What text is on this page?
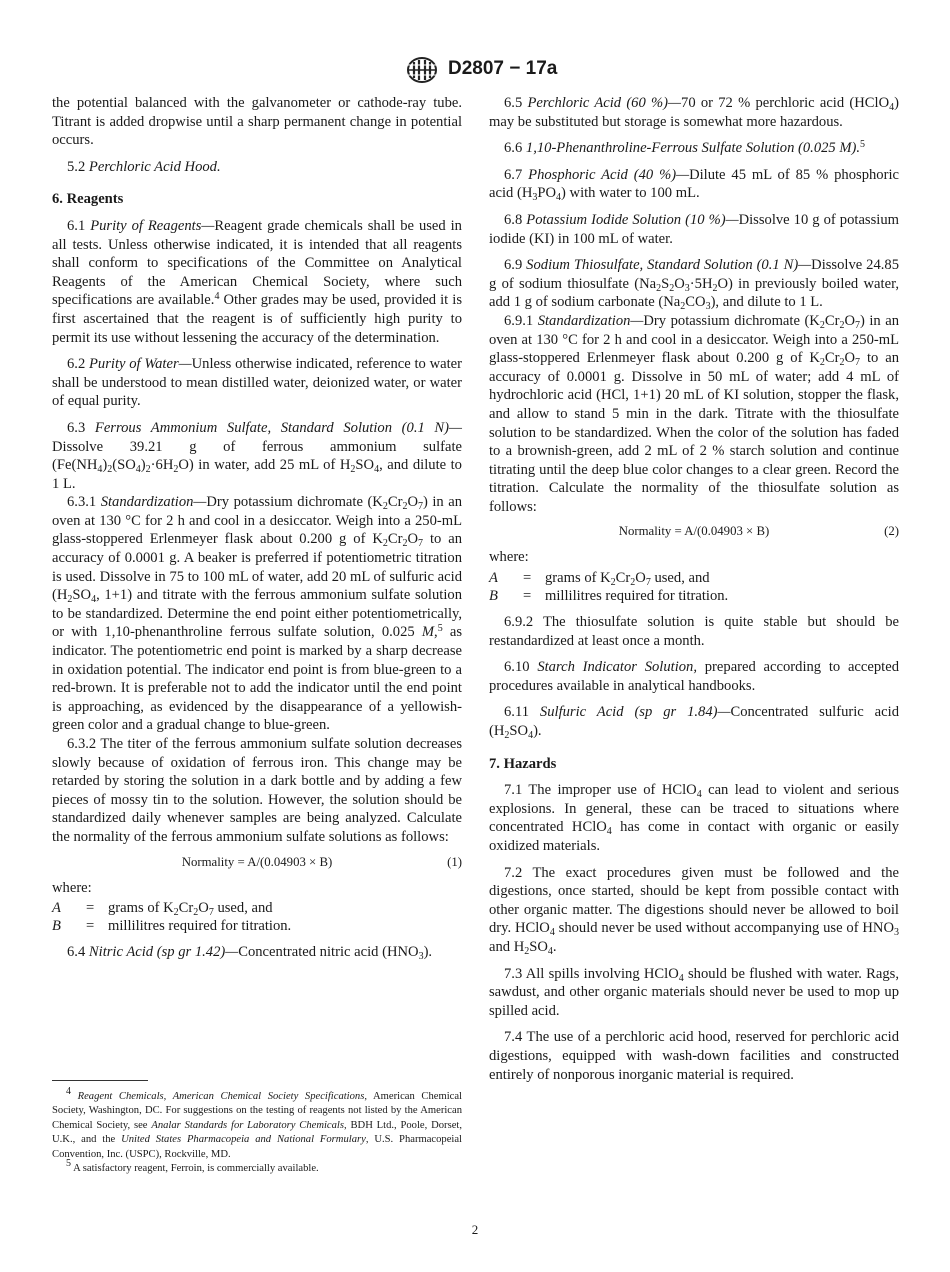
D2807 − 17a

the potential balanced with the galvanometer or cathode-ray tube. Titrant is added dropwise until a sharp permanent change in potential occurs.

5.2 Perchloric Acid Hood.

6. Reagents

6.1 Purity of Reagents—Reagent grade chemicals shall be used in all tests. Unless otherwise indicated, it is intended that all reagents shall conform to specifications of the Committee on Analytical Reagents of the American Chemical Society, where such specifications are available.$^4$ Other grades may be used, provided it is first ascertained that the reagent is of sufficiently high purity to permit its use without lessening the accuracy of the determination.

6.2 Purity of Water—Unless otherwise indicated, reference to water shall be understood to mean distilled water, deionized water, or water of equal purity.

6.3 Ferrous Ammonium Sulfate, Standard Solution (0.1 N)—Dissolve 39.21 g of ferrous ammonium sulfate $(Fe(NH_4)_2(SO_4)_2\cdot 6H_2O)$ in water, add 25 mL of $H_2SO_4$, and dilute to 1 L.

6.3.1 Standardization—Dry potassium dichromate $(K_2Cr_2O_7)$ in an oven at 130 °C for 2 h and cool in a desiccator. Weigh into a 250-mL glass-stoppered Erlenmeyer flask about 0.200 g of $K_2Cr_2O_7$ to an accuracy of 0.0001 g. A beaker is preferred if potentiometric titration is used. Dissolve in 75 to 100 mL of water, add 20 mL of sulfuric acid ($H_2SO_4$, 1+1) and titrate with the ferrous ammonium sulfate solution to be standardized. Determine the end point either potentiometrically, or with 1,10-phenanthroline ferrous sulfate solution, 0.025 M,$^5$ as indicator. The potentiometric end point is marked by a sharp decrease in oxidation potential. The indicator end point is from blue-green to a red-brown. It is preferable not to add the indicator until the end point is approaching, as evidenced by the disappearance of a yellowish-green color and a gradual change to blue-green.

6.3.2 The titer of the ferrous ammonium sulfate solution decreases slowly because of oxidation of ferrous iron. This change may be retarded by storing the solution in a dark bottle and by adding a few pieces of mossy tin to the solution. However, the solution should be standardized daily whenever samples are being analyzed. Calculate the normality of the ferrous ammonium sulfate solutions as follows:

Normality = A/(0.04903 × B)	(1)

where:

A	= grams of $K_2Cr_2O_7$ used, and
B	= millilitres required for titration.

6.4 Nitric Acid (sp gr 1.42)—Concentrated nitric acid $(HNO_3)$.

$^4$ Reagent Chemicals, American Chemical Society Specifications, American Chemical Society, Washington, DC. For suggestions on the testing of reagents not listed by the American Chemical Society, see Analar Standards for Laboratory Chemicals, BDH Ltd., Poole, Dorset, U.K., and the United States Pharmacopeia and National Formulary, U.S. Pharmacopeial Convention, Inc. (USPC), Rockville, MD.

$^5$ A satisfactory reagent, Ferroin, is commercially available.

6.5 Perchloric Acid (60 %)—70 or 72 % perchloric acid (HClO$_4$) may be substituted but storage is somewhat more hazardous.

6.6 1,10-Phenanthroline-Ferrous Sulfate Solution (0.025 M).$^5$

6.7 Phosphoric Acid (40 %)—Dilute 45 mL of 85 % phosphoric acid $(H_3PO_4)$ with water to 100 mL.

6.8 Potassium Iodide Solution (10 %)—Dissolve 10 g of potassium iodide (KI) in 100 mL of water.

6.9 Sodium Thiosulfate, Standard Solution (0.1 N)—Dissolve 24.85 g of sodium thiosulfate $(Na_2S_2O_3\cdot 5H_2O)$ in previously boiled water, add 1 g of sodium carbonate $(Na_2CO_3)$, and dilute to 1 L.

6.9.1 Standardization—Dry potassium dichromate $(K_2Cr_2O_7)$ in an oven at 130 °C for 2 h and cool in a desiccator. Weigh into a 250-mL glass-stoppered Erlenmeyer flask about 0.200 g of $K_2Cr_2O_7$ to an accuracy of 0.0001 g. Dissolve in 50 mL of water; add 4 mL of hydrochloric acid (HCl, 1+1) 20 mL of KI solution, stopper the flask, and allow to stand 5 min in the dark. Titrate with the thiosulfate solution to be standardized. When the color of the solution has faded to a brownish-green, add 2 mL of 2 % starch solution and continue titrating until the deep blue color changes to a clear green. Record the titration. Calculate the normality of the thiosulfate solution as follows:

Normality = A/(0.04903 × B)	(2)

where:

A	= grams of $K_2Cr_2O_7$ used, and
B	= millilitres required for titration.

6.9.2 The thiosulfate solution is quite stable but should be restandardized at least once a month.

6.10 Starch Indicator Solution, prepared according to accepted procedures available in analytical handbooks.

6.11 Sulfuric Acid (sp gr 1.84)—Concentrated sulfuric acid $(H_2SO_4)$.

7. Hazards

7.1 The improper use of HClO$_4$ can lead to violent and serious explosions. In general, these can be traced to situations where concentrated HClO$_4$ has come in contact with organic or easily oxidized materials.

7.2 The exact procedures given must be followed and the digestions, once started, should be kept from possible contact with other organic matter. The digestions should never be allowed to boil dry. HClO$_4$ should never be used without accompanying use of $HNO_3$ and $H_2SO_4$.

7.3 All spills involving HClO$_4$ should be flushed with water. Rags, sawdust, and other organic materials should never be used to mop up spilled acid.

7.4 The use of a perchloric acid hood, reserved for perchloric acid digestions, equipped with wash-down facilities and constructed entirely of nonporous inorganic material is required.

2
